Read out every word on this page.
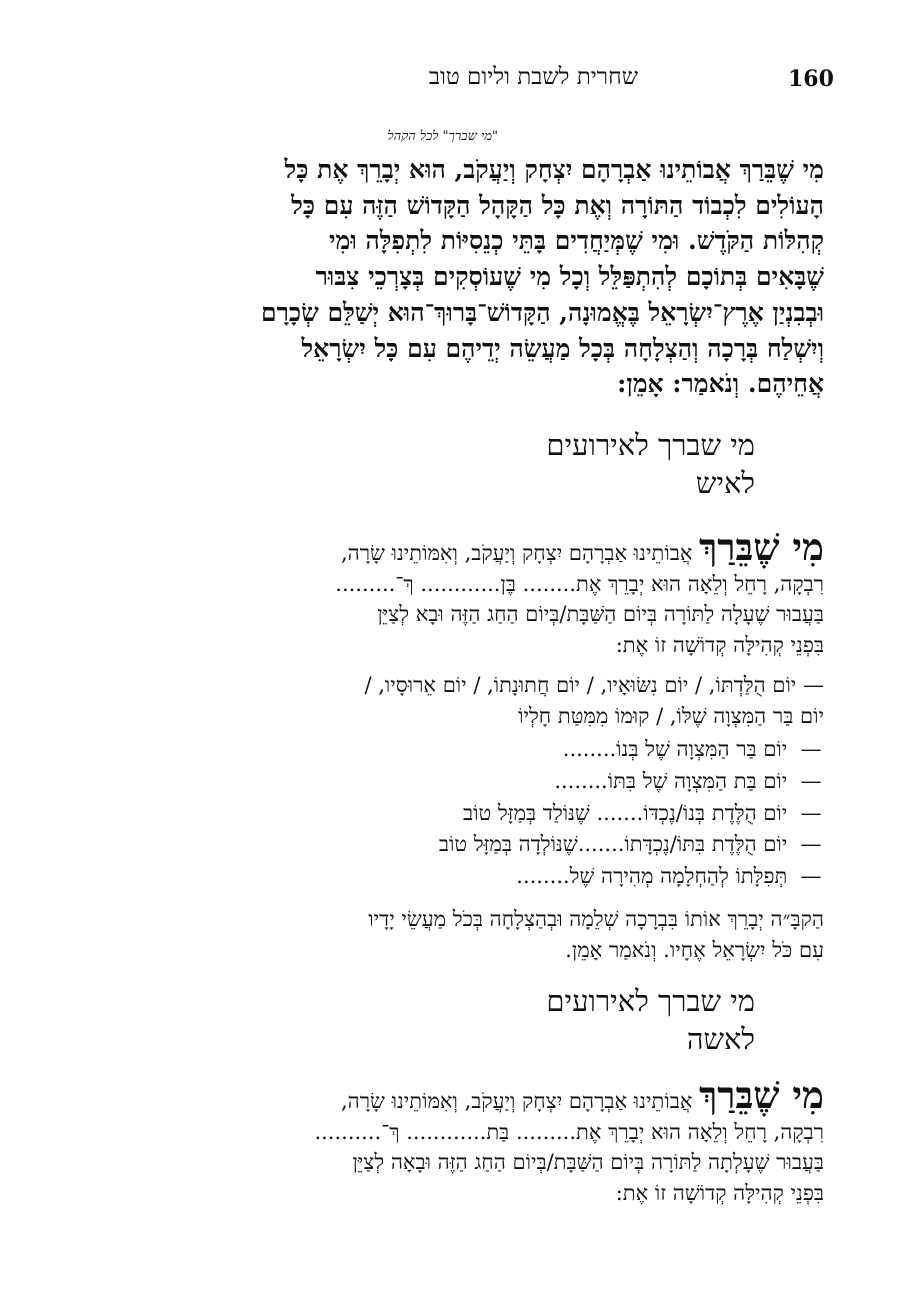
160
שחרית לשבת וליום טוב
"מי שברך" לכל הקהל
מִי שֶׁבֵּרַךְ אֲבוֹתֵינוּ אַבְרָהָם יִצְחָק וְיַעֲקֹב, הוּא יְבָרֵךְ אֶת כָּל
הָעוֹלִים לִכְבוֹד הַתּוֹרָה וְאֶת כָּל הַקָּהָל הַקָּדוֹשׁ הַזֶּה עִם כָּל
קְהִלּוֹת הַקֹּדֶשׁ. וּמִי שֶׁמְּיַחֲדִים בָּתֵּי כְנֵסִיּוֹת לִתְפִלָּה וּמִי
שֶׁבָּאִים בְּתוֹכָם לְהִתְפַּלֵּל וְכָל מִי שֶׁעוֹסְקִים בְּצָרְכֵי צִבּוּר
וּבְבִנְיַן אֶרֶץ־יִשְׂרָאֵל בֶּאֱמוּנָה, הַקָּדוֹשׁ־בָּרוּךְ־הוּא יְשַׁלֵּם שְׂכָרָם
וְיִשְׁלַח בְּרָכָה וְהַצְלָחָה בְּכָל מַעֲשֵׂה יְדֵיהֶם עִם כָּל יִשְׂרָאֵל
אֲחֵיהֶם. וְנֹאמַר: אָמֵן:
מי שברך לאירועים
לאיש
מִי שֶׁבֵּרַךְ אֲבוֹתֵינוּ אַבְרָהָם יִצְחָק וְיַעֲקֹב, וְאִמּוֹתֵינוּ שָׂרָה,
רִבְקָה, רָחֵל וְלֵאָה הוּא יְבָרֵךְ אֶת........ בֶּן............ ךְ־.........
בַּעֲבוּר שֶׁעָלָה לַתּוֹרָה בְּיוֹם הַשַּׁבָּת/בְּיוֹם הַחַג הַזֶּה וּבָא לְצַיֵּן
בִּפְנֵי קְהִילָּה קְדוֹשָׁה זוֹ אֶת:
— יוֹם הֻלַּדְתּוֹ, / יוֹם נִשּׂוּאָיו, / יוֹם חֲתוּנָתוֹ, / יוֹם אֵרוּסָיו, /
יוֹם בַּר הַמִּצְוָה שֶׁלּוֹ, / קוּמוֹ מִמִּטַּת חָלְיוֹ
— יוֹם בַּר הַמִּצְוָה שֶׁל בְּנוֹ........
— יוֹם בַּת הַמִּצְוָה שֶׁל בִּתּוֹ........
— יוֹם הֻלֶּדֶת בְּנוֹ/נֶכְדּוֹ....... שֶׁנּוֹלַד בְּמַזָּל טוֹב
— יוֹם הֻלֶּדֶת בִּתּוֹ/נֶכְדָּתוֹ.......שֶׁנּוֹלְדָה בְּמַזָּל טוֹב
— תְּפִלָּתוֹ לְהַחְלָמָה מְהִירָה שֶׁל........
הַקבָּ״ה יְבָרֵךְ אוֹתוֹ בִּבְרָכָה שְׁלֵמָה וּבְהַצְלָחָה בְּכֹל מַעֲשֵׂי יָדָיו
עִם כֹּל יִשְׂרָאֵל אֶחָיו. וְנֹאמַר אָמֵן.
מי שברך לאירועים
לאשה
מִי שֶׁבֵּרַךְ אֲבוֹתֵינוּ אַבְרָהָם יִצְחָק וְיַעֲקֹב, וְאִמּוֹתֵינוּ שָׂרָה,
רִבְקָה, רָחֵל וְלֵאָה הוּא יְבָרֵךְ אֶת......... בַּת............ ךְ־..........
בַּעֲבוּר שֶׁעָלְתָה לַתּוֹרָה בְּיוֹם הַשַּׁבָּת/בְּיוֹם הַחַג הַזֶּה וּבָאָה לְצַיֵּן
בִּפְנֵי קְהִילָּה קְדוֹשָׁה זוֹ אֶת:
